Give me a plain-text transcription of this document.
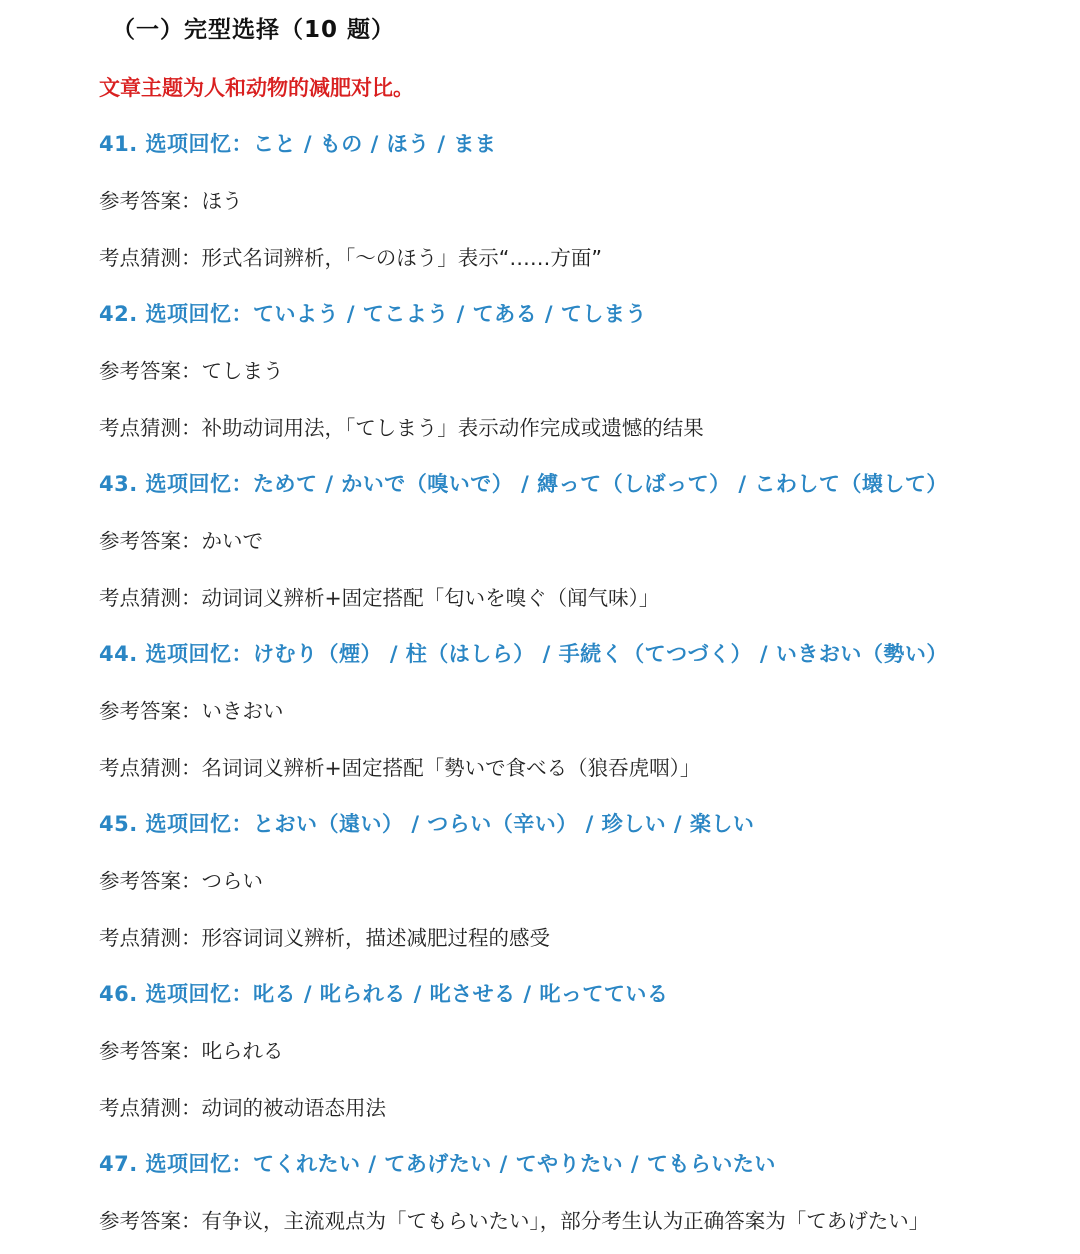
（一）完型选择（10 题）
文章主题为人和动物的减肥对比。
41. 选项回忆：こと / もの / ほう / まま
参考答案：ほう
考点猜测：形式名词辨析，「～のほう」表示“……方面”
42. 选项回忆：ていよう / てこよう / てある / てしまう
参考答案：てしまう
考点猜测：补助动词用法，「てしまう」表示动作完成或遗憾的结果
43. 选项回忆：ためて / かいで（嗅いで） / 縛って（しばって） / こわして（壊して）
参考答案：かいで
考点猜测：动词词义辨析+固定搭配「匂いを嗅ぐ（闻气味）」
44. 选项回忆：けむり（煙） / 柱（はしら） / 手続く（てつづく） / いきおい（勢い）
参考答案：いきおい
考点猜测：名词词义辨析+固定搭配「勢いで食べる（狼吞虎咽）」
45. 选项回忆：とおい（遠い） / つらい（辛い） / 珍しい / 楽しい
参考答案：つらい
考点猜测：形容词词义辨析，描述减肥过程的感受
46. 选项回忆：叱る / 叱られる / 叱させる / 叱ってている
参考答案：叱られる
考点猜测：动词的被动语态用法
47. 选项回忆：てくれたい / てあげたい / てやりたい / てもらいたい
参考答案：有争议，主流观点为「てもらいたい」，部分考生认为正确答案为「てあげたい」
